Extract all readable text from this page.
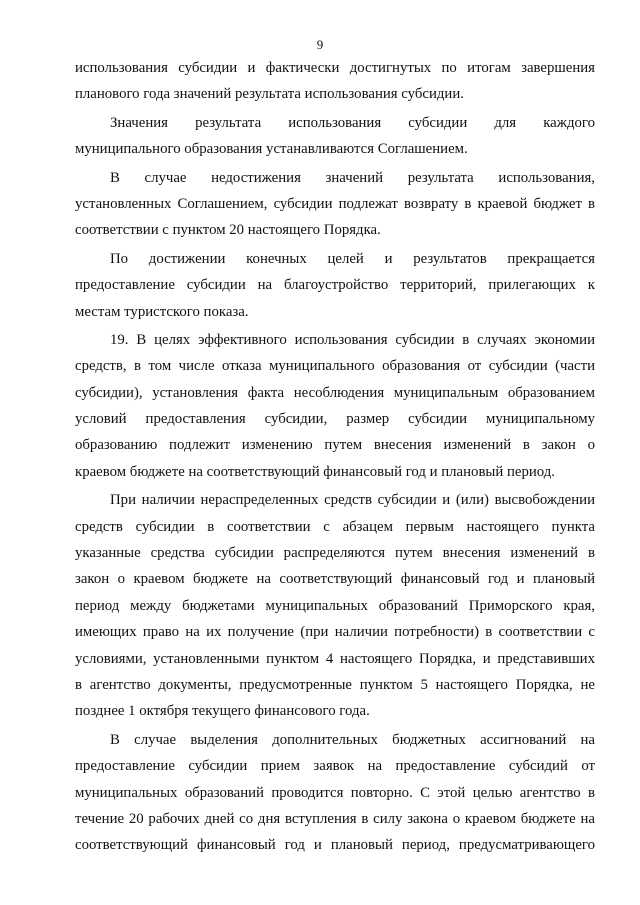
9
использования субсидии и фактически достигнутых по итогам завершения
планового года значений результата использования субсидии.
Значения результата использования субсидии для каждого
муниципального образования устанавливаются Соглашением.
В случае недостижения значений результата использования,
установленных Соглашением, субсидии подлежат возврату в краевой бюджет в
соответствии с пунктом 20 настоящего Порядка.
По достижении конечных целей и результатов прекращается
предоставление субсидии на благоустройство территорий, прилегающих к
местам туристского показа.
19. В целях эффективного использования субсидии в случаях экономии
средств, в том числе отказа муниципального образования от субсидии (части
субсидии), установления факта несоблюдения муниципальным образованием
условий предоставления субсидии, размер субсидии муниципальному
образованию подлежит изменению путем внесения изменений в закон о
краевом бюджете на соответствующий финансовый год и плановый период.
При наличии нераспределенных средств субсидии и (или) высвобождении
средств субсидии в соответствии с абзацем первым настоящего пункта
указанные средства субсидии распределяются путем внесения изменений в
закон о краевом бюджете на соответствующий финансовый год и плановый
период между бюджетами муниципальных образований Приморского края,
имеющих право на их получение (при наличии потребности) в соответствии с
условиями, установленными пунктом 4 настоящего Порядка, и представивших
в агентство документы, предусмотренные пунктом 5 настоящего Порядка, не
позднее 1 октября текущего финансового года.
В случае выделения дополнительных бюджетных ассигнований на
предоставление субсидии прием заявок на предоставление субсидий от
муниципальных образований проводится повторно. С этой целью агентство в
течение 20 рабочих дней со дня вступления в силу закона о краевом бюджете на
соответствующий финансовый год и плановый период, предусматривающего
